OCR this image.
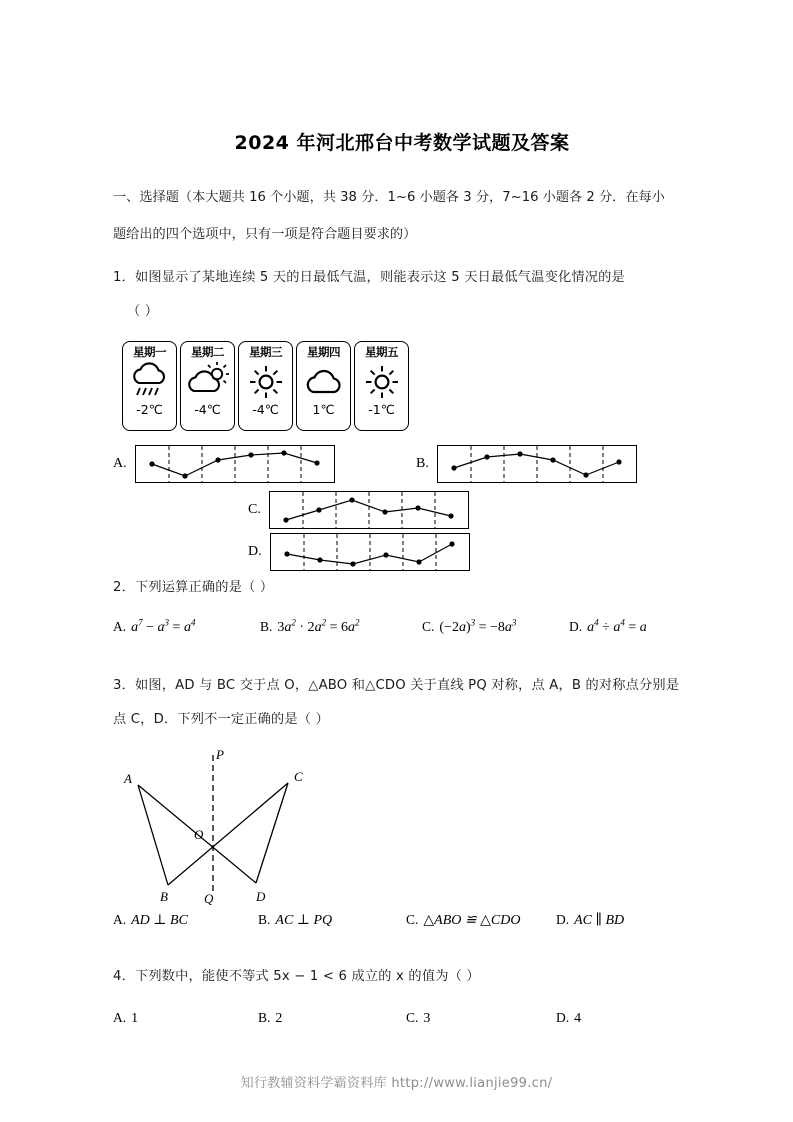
2024 年河北邢台中考数学试题及答案
一、选择题（本大题共 16 个小题，共 38 分．1~6 小题各 3 分，7~16 小题各 2 分．在每小
题给出的四个选项中，只有一项是符合题目要求的）
1．如图显示了某地连续 5 天的日最低气温，则能表示这 5 天日最低气温变化情况的是
（ ）
星期一
-2℃
星期二
-4℃
星期三
-4℃
星期四
1℃
星期五
-1℃
A.	B.
C.
D.
2．下列运算正确的是（ ）
A. $a^7 - a^3 = a^4$	B. $3a^2 \cdot 2a^2 = 6a^2$	C. $(-2a)^3 = -8a^3$	D. $a^4 \div a^4 = a$
3．如图，AD 与 BC 交于点 O，△ABO 和△CDO 关于直线 PQ 对称，点 A，B 的对称点分别是
点 C，D．下列不一定正确的是（ ）
A
B
C
D
O
P
Q
A. AD ⊥ BC	B. AC ⊥ PQ	C. △ABO ≌ △CDO	D. AC ∥ BD
4．下列数中，能使不等式 5x − 1 < 6 成立的 x 的值为（ ）
A. 1	B. 2	C. 3	D. 4
知行教辅资料学霸资料库 http://www.lianjie99.cn/
